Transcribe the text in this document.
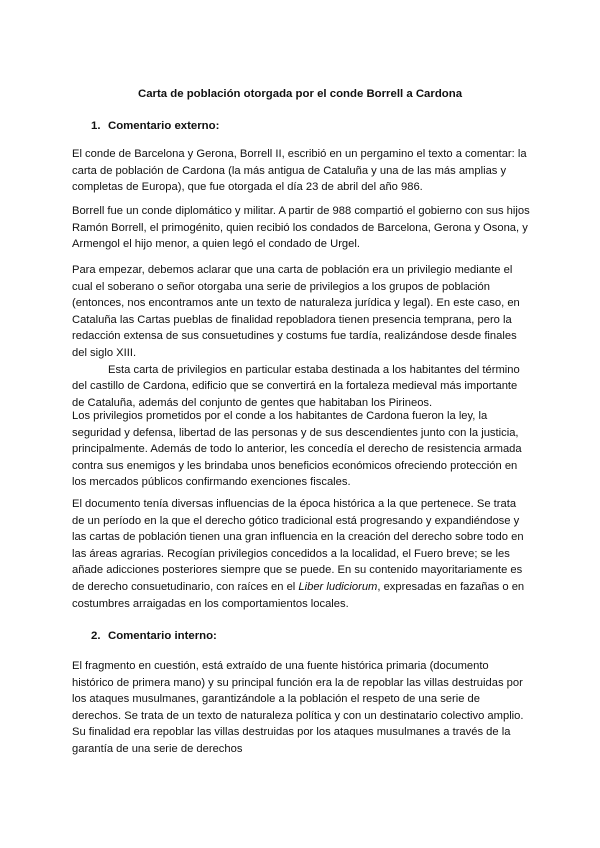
Carta de población otorgada por el conde Borrell a Cardona

1. Comentario externo:

El conde de Barcelona y Gerona, Borrell II, escribió en un pergamino el texto a comentar: la
carta de población de Cardona (la más antigua de Cataluña y una de las más amplias y
completas de Europa), que fue otorgada el día 23 de abril del año 986.
Borrell fue un conde diplomático y militar. A partir de 988 compartió el gobierno con sus hijos
Ramón Borrell, el primogénito, quien recibió los condados de Barcelona, Gerona y Osona, y
Armengol el hijo menor, a quien legó el condado de Urgel.
Para empezar, debemos aclarar que una carta de población era un privilegio mediante el
cual el soberano o señor otorgaba una serie de privilegios a los grupos de población
(entonces, nos encontramos ante un texto de naturaleza jurídica y legal). En este caso, en
Cataluña las Cartas pueblas de finalidad repobladora tienen presencia temprana, pero la
redacción extensa de sus consuetudines y costums fue tardía, realizándose desde finales
del siglo XIII.
Esta carta de privilegios en particular estaba destinada a los habitantes del término
del castillo de Cardona, edificio que se convertirá en la fortaleza medieval más importante
de Cataluña, además del conjunto de gentes que habitaban los Pirineos.
Los privilegios prometidos por el conde a los habitantes de Cardona fueron la ley, la
seguridad y defensa, libertad de las personas y de sus descendientes junto con la justicia,
principalmente. Además de todo lo anterior, les concedía el derecho de resistencia armada
contra sus enemigos y les brindaba unos beneficios económicos ofreciendo protección en
los mercados públicos confirmando exenciones fiscales.
El documento tenía diversas influencias de la época histórica a la que pertenece. Se trata
de un período en la que el derecho gótico tradicional está progresando y expandiéndose y
las cartas de población tienen una gran influencia en la creación del derecho sobre todo en
las áreas agrarias. Recogían privilegios concedidos a la localidad, el Fuero breve; se les
añade adicciones posteriores siempre que se puede. En su contenido mayoritariamente es
de derecho consuetudinario, con raíces en el Liber ludiciorum, expresadas en fazañas o en
costumbres arraigadas en los comportamientos locales.

2. Comentario interno:

El fragmento en cuestión, está extraído de una fuente histórica primaria (documento
histórico de primera mano) y su principal función era la de repoblar las villas destruidas por
los ataques musulmanes, garantizándole a la población el respeto de una serie de
derechos. Se trata de un texto de naturaleza política y con un destinatario colectivo amplio.
Su finalidad era repoblar las villas destruidas por los ataques musulmanes a través de la
garantía de una serie de derechos
